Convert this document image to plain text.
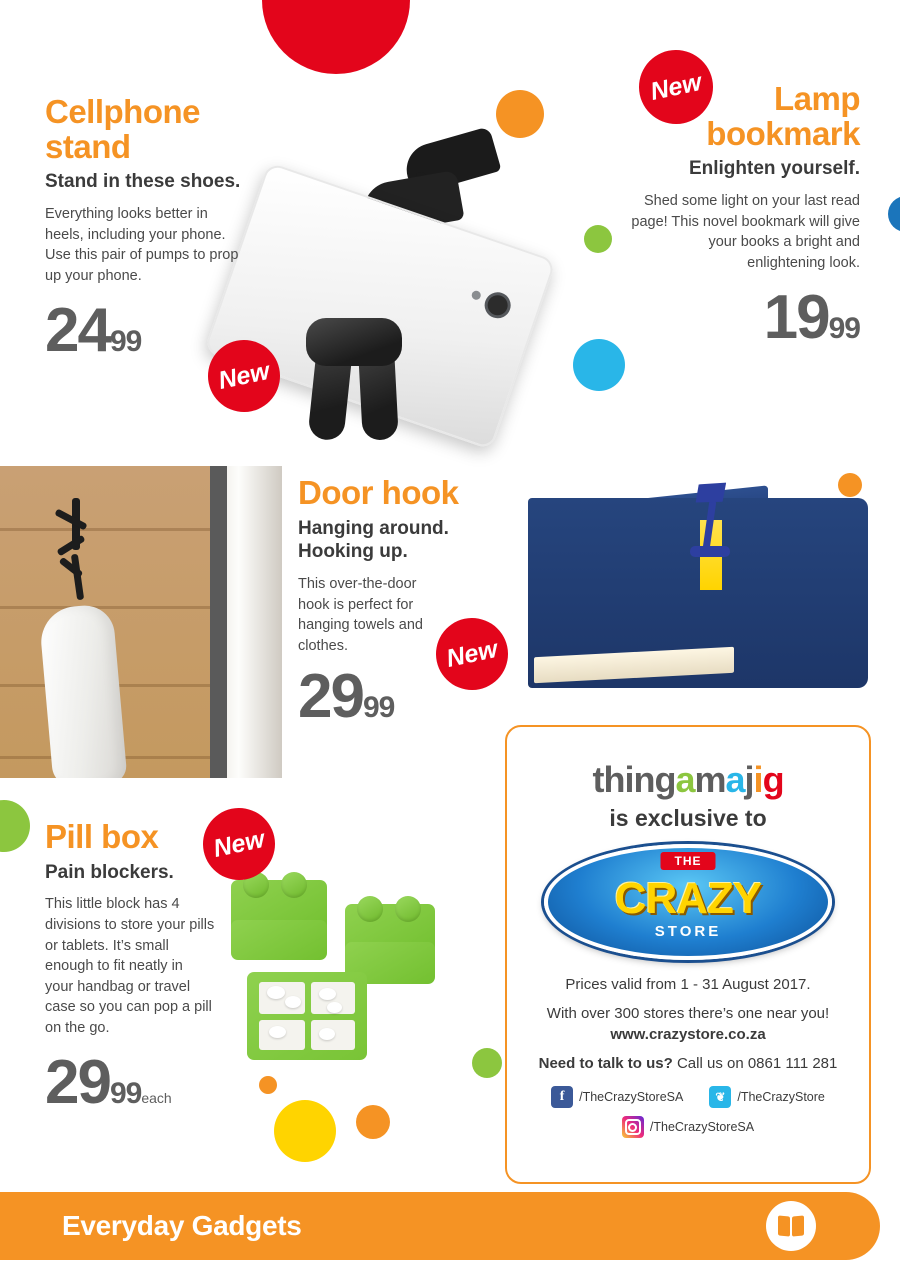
Cellphone stand
Stand in these shoes.
Everything looks better in heels, including your phone. Use this pair of pumps to prop up your phone.
2499
New
Lamp
bookmark
Enlighten yourself.
Shed some light on your last read page! This novel bookmark will give your books a bright and enlightening look.
1999
New
Door hook
Hanging around.
Hooking up.
This over-the-door hook is perfect for hanging towels and clothes.
2999
New
Pill box
Pain blockers.
This little block has 4 divisions to store your pills or tablets. It’s small enough to fit neatly in your handbag or travel case so you can pop a pill on the go.
2999each
New
thingamajig
is exclusive to
THE
CRAZY
STORE
Prices valid from 1 - 31 August 2017.
With over 300 stores there’s one near you!
www.crazystore.co.za
Need to talk to us? Call us on 0861 111 281
f	/TheCrazyStoreSA	❦ /TheCrazyStore
/TheCrazyStoreSA
Everyday Gadgets
